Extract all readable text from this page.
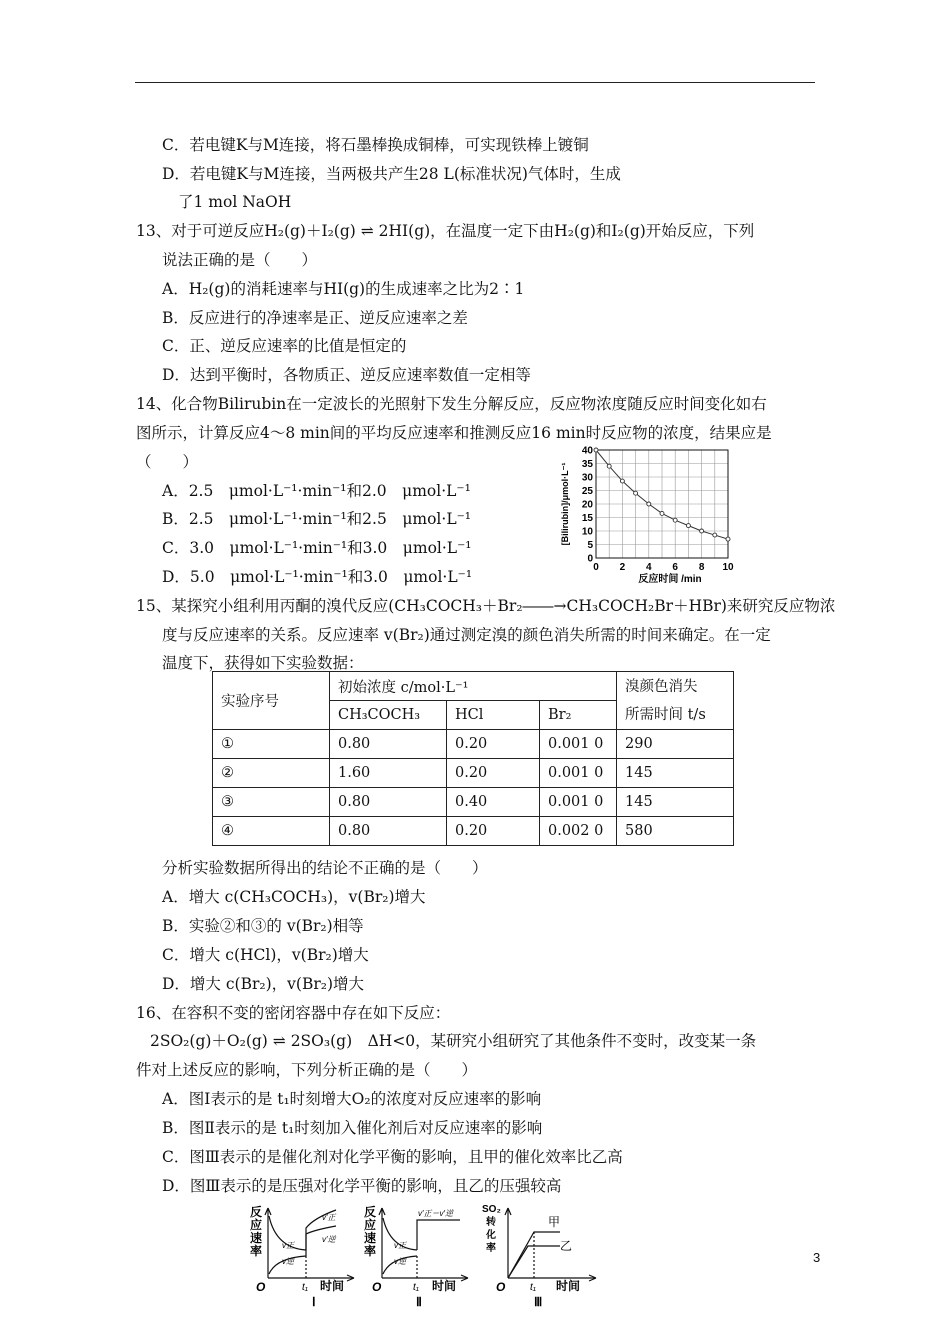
C．若电键K与M连接，将石墨棒换成铜棒，可实现铁棒上镀铜
D．若电键K与M连接，当两极共产生28 L(标准状况)气体时，生成
了1 mol NaOH
13、对于可逆反应H₂(g)＋I₂(g) ⇌ 2HI(g)，在温度一定下由H₂(g)和I₂(g)开始反应，下列
说法正确的是（　　）
A．H₂(g)的消耗速率与HI(g)的生成速率之比为2∶1
B．反应进行的净速率是正、逆反应速率之差
C．正、逆反应速率的比值是恒定的
D．达到平衡时，各物质正、逆反应速率数值一定相等
14、化合物Bilirubin在一定波长的光照射下发生分解反应，反应物浓度随反应时间变化如右
图所示，计算反应4～8 min间的平均反应速率和推测反应16 min时反应物的浓度，结果应是
（　　）
A．2.5　μmol·L⁻¹·min⁻¹和2.0　μmol·L⁻¹
B．2.5　μmol·L⁻¹·min⁻¹和2.5　μmol·L⁻¹
C．3.0　μmol·L⁻¹·min⁻¹和3.0　μmol·L⁻¹
D．5.0　μmol·L⁻¹·min⁻¹和3.0　μmol·L⁻¹
15、某探究小组利用丙酮的溴代反应(CH₃COCH₃＋Br₂――→CH₃COCH₂Br＋HBr)来研究反应物浓
度与反应速率的关系。反应速率 v(Br₂)通过测定溴的颜色消失所需的时间来确定。在一定
温度下，获得如下实验数据：
实验序号	初始浓度 c/mol·L⁻¹			溴颜色消失
所需时间 t/s
	CH₃COCH₃	HCl	Br₂	
①	0.80	0.20	0.001 0	290
②	1.60	0.20	0.001 0	145
③	0.80	0.40	0.001 0	145
④	0.80	0.20	0.002 0	580
分析实验数据所得出的结论不正确的是（　　）
A．增大 c(CH₃COCH₃)，v(Br₂)增大
B．实验②和③的 v(Br₂)相等
C．增大 c(HCl)，v(Br₂)增大
D．增大 c(Br₂)，v(Br₂)增大
16、在容积不变的密闭容器中存在如下反应：
2SO₂(g)＋O₂(g) ⇌ 2SO₃(g)　ΔH<0，某研究小组研究了其他条件不变时，改变某一条
件对上述反应的影响，下列分析正确的是（　　）
A．图Ⅰ表示的是 t₁时刻增大O₂的浓度对反应速率的影响
B．图Ⅱ表示的是 t₁时刻加入催化剂后对反应速率的影响
C．图Ⅲ表示的是催化剂对化学平衡的影响，且甲的催化效率比乙高
D．图Ⅲ表示的是压强对化学平衡的影响，且乙的压强较高
0 2 4 6 8 10
0
5
10
15
20
25
30
35
40
反应时间 /min
[Bilirubin]/μmol·L⁻¹
反应速率
O	t₁ 时间
v正
v逆
v′正
v′逆
Ⅰ
反应速率
O	t₁ 时间
v正
v逆
v′正＝v′逆
Ⅱ
SO₂ 转化率
O t₁ 时间
甲
乙
Ⅲ
3
